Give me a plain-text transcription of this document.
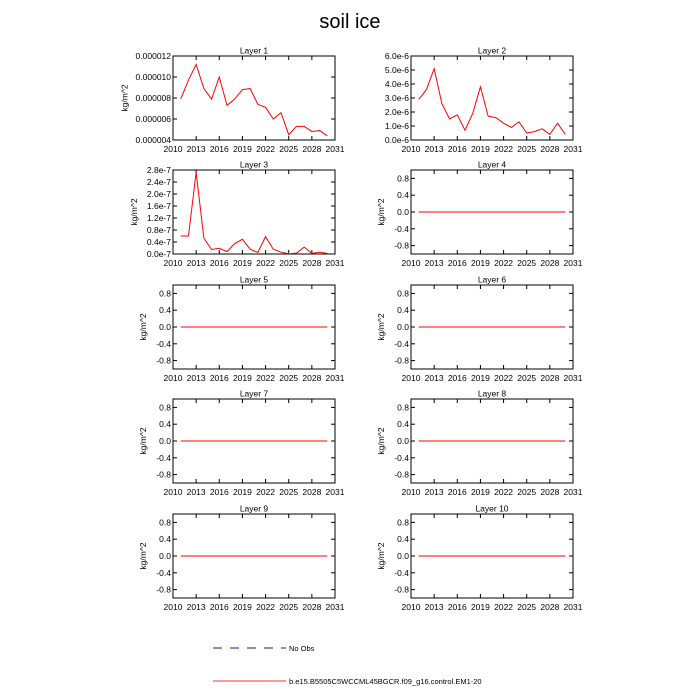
soil ice
Layer 1
2010 2013 2016 2019 2022 2025 2028 2031
0.000004
0.000006
0.000008
0.000010
0.000012
kg/m^2
Layer 2
2010 2013 2016 2019 2022 2025 2028 2031
0.0e-6
1.0e-6
2.0e-6
3.0e-6
4.0e-6
5.0e-6
6.0e-6
Layer 3
2010 2013 2016 2019 2022 2025 2028 2031
0.0e-7
0.4e-7
0.8e-7
1.2e-7
1.6e-7
2.0e-7
2.4e-7
2.8e-7
kg/m^2
Layer 4
2010 2013 2016 2019 2022 2025 2028 2031
-0.8
-0.4
0.0
0.4
0.8
kg/m^2
Layer 5
2010 2013 2016 2019 2022 2025 2028 2031
-0.8
-0.4
0.0
0.4
0.8
kg/m^2
Layer 6
2010 2013 2016 2019 2022 2025 2028 2031
-0.8
-0.4
0.0
0.4
0.8
kg/m^2
Layer 7
2010 2013 2016 2019 2022 2025 2028 2031
-0.8
-0.4
0.0
0.4
0.8
kg/m^2
Layer 8
2010 2013 2016 2019 2022 2025 2028 2031
-0.8
-0.4
0.0
0.4
0.8
kg/m^2
Layer 9
2010 2013 2016 2019 2022 2025 2028 2031
-0.8
-0.4
0.0
0.4
0.8
kg/m^2
Layer 10
2010 2013 2016 2019 2022 2025 2028 2031
-0.8
-0.4
0.0
0.4
0.8
kg/m^2
No Obs
b.e15.B5505C5WCCML45BGCR.f09_g16.control.EM1-20
